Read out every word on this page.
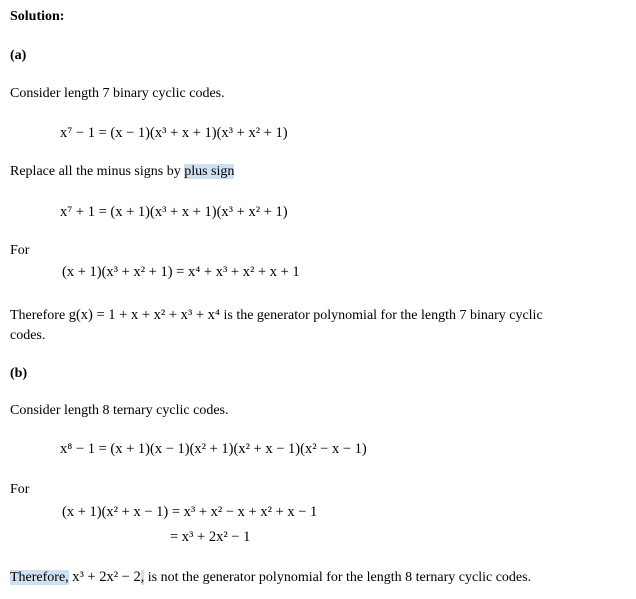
Solution:
(a)
Consider length 7 binary cyclic codes.
x⁷ − 1 = (x − 1)(x³ + x + 1)(x³ + x² + 1)
Replace all the minus signs by plus sign
x⁷ + 1 = (x + 1)(x³ + x + 1)(x³ + x² + 1)
For
(x + 1)(x³ + x² + 1) = x⁴ + x³ + x² + x + 1
Therefore g(x) = 1 + x + x² + x³ + x⁴ is the generator polynomial for the length 7 binary cyclic
codes.
(b)
Consider length 8 ternary cyclic codes.
x⁸ − 1 = (x + 1)(x − 1)(x² + 1)(x² + x − 1)(x² − x − 1)
For
(x + 1)(x² + x − 1) = x³ + x² − x + x² + x − 1
= x³ + 2x² − 1
Therefore, x³ + 2x² − 2, is not the generator polynomial for the length 8 ternary cyclic codes.
